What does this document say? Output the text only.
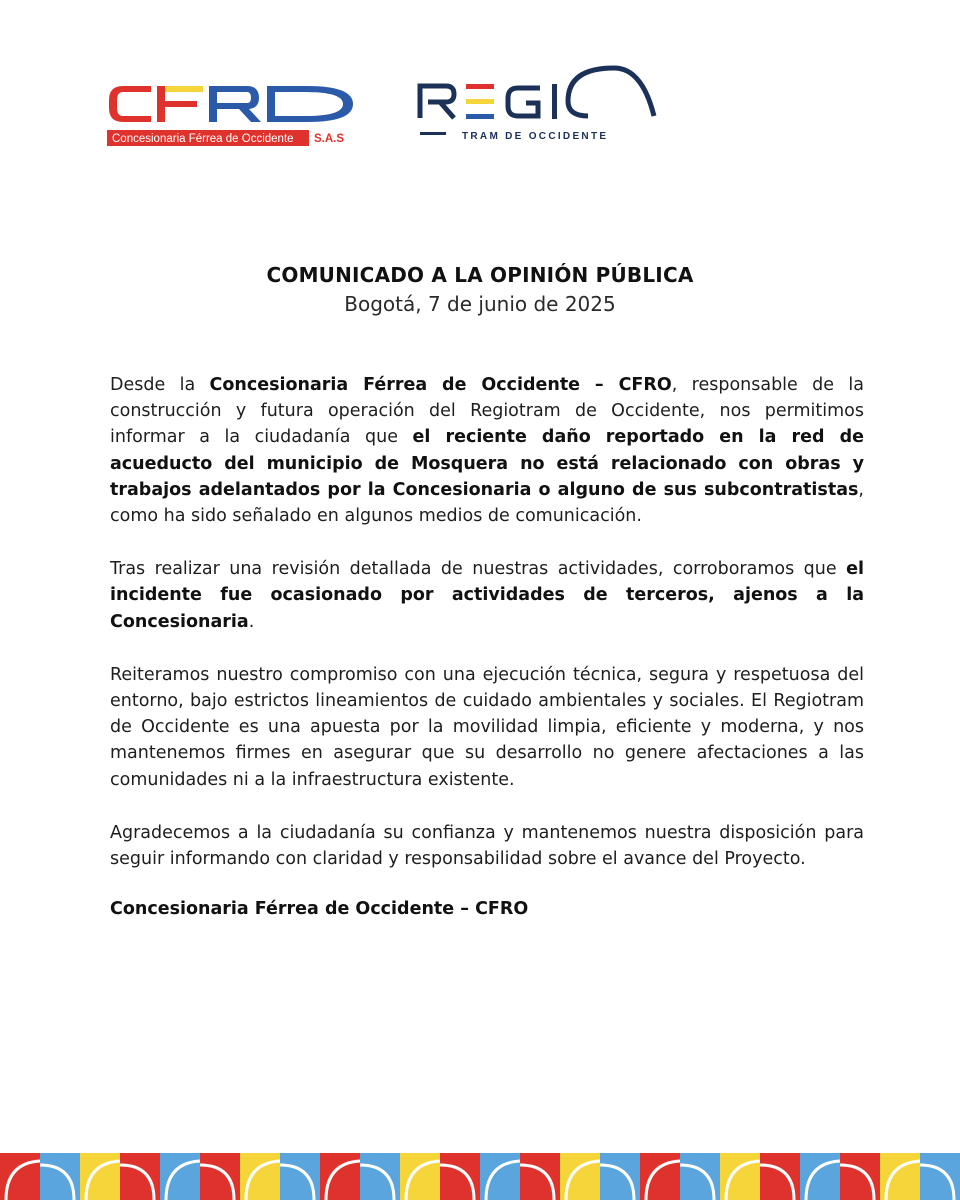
Concesionaria Férrea de Occidente S.A.S	TRAM DE OCCIDENTE
COMUNICADO A LA OPINIÓN PÚBLICA
Bogotá, 7 de junio de 2025

Desde la Concesionaria Férrea de Occidente – CFRO, responsable de la construcción y futura operación del Regiotram de Occidente, nos permitimos informar a la ciudadanía que el reciente daño reportado en la red de acueducto del municipio de Mosquera no está relacionado con obras y trabajos adelantados por la Concesionaria o alguno de sus subcontratistas, como ha sido señalado en algunos medios de comunicación.

Tras realizar una revisión detallada de nuestras actividades, corroboramos que el incidente fue ocasionado por actividades de terceros, ajenos a la Concesionaria.

Reiteramos nuestro compromiso con una ejecución técnica, segura y respetuosa del entorno, bajo estrictos lineamientos de cuidado ambientales y sociales. El Regiotram de Occidente es una apuesta por la movilidad limpia, eficiente y moderna, y nos mantenemos firmes en asegurar que su desarrollo no genere afectaciones a las comunidades ni a la infraestructura existente.

Agradecemos a la ciudadanía su confianza y mantenemos nuestra disposición para seguir informando con claridad y responsabilidad sobre el avance del Proyecto.

Concesionaria Férrea de Occidente – CFRO
